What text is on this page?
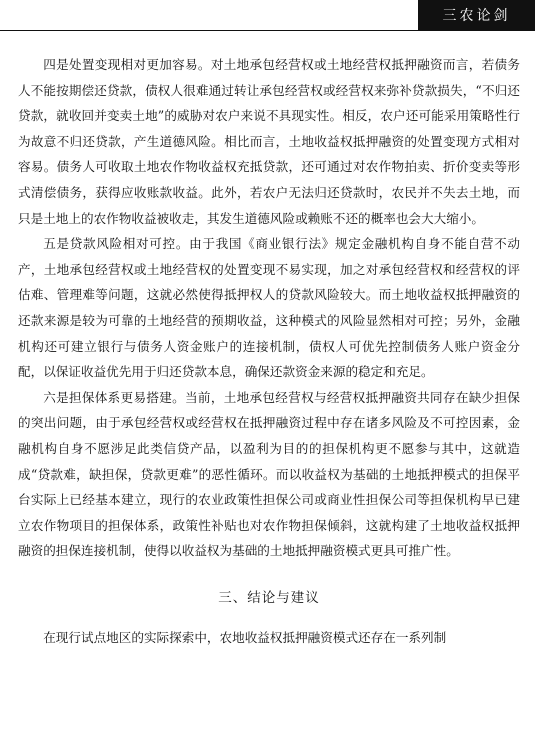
三农论剑

四是处置变现相对更加容易。对土地承包经营权或土地经营权抵押融资而言，若债务人不能按期偿还贷款，债权人很难通过转让承包经营权或经营权来弥补贷款损失，“不归还贷款，就收回并变卖土地”的威胁对农户来说不具现实性。相反，农户还可能采用策略性行为故意不归还贷款，产生道德风险。相比而言，土地收益权抵押融资的处置变现方式相对容易。债务人可收取土地农作物收益权充抵贷款，还可通过对农作物拍卖、折价变卖等形式清偿债务，获得应收账款收益。此外，若农户无法归还贷款时，农民并不失去土地，而只是土地上的农作物收益被收走，其发生道德风险或赖账不还的概率也会大大缩小。

五是贷款风险相对可控。由于我国《商业银行法》规定金融机构自身不能自营不动产，土地承包经营权或土地经营权的处置变现不易实现，加之对承包经营权和经营权的评估难、管理难等问题，这就必然使得抵押权人的贷款风险较大。而土地收益权抵押融资的还款来源是较为可靠的土地经营的预期收益，这种模式的风险显然相对可控；另外，金融机构还可建立银行与债务人资金账户的连接机制，债权人可优先控制债务人账户资金分配，以保证收益优先用于归还贷款本息，确保还款资金来源的稳定和充足。

六是担保体系更易搭建。当前，土地承包经营权与经营权抵押融资共同存在缺少担保的突出问题，由于承包经营权或经营权在抵押融资过程中存在诸多风险及不可控因素，金融机构自身不愿涉足此类信贷产品，以盈利为目的的担保机构更不愿参与其中，这就造成“贷款难，缺担保，贷款更难”的恶性循环。而以收益权为基础的土地抵押模式的担保平台实际上已经基本建立，现行的农业政策性担保公司或商业性担保公司等担保机构早已建立农作物项目的担保体系，政策性补贴也对农作物担保倾斜，这就构建了土地收益权抵押融资的担保连接机制，使得以收益权为基础的土地抵押融资模式更具可推广性。

三、结论与建议

在现行试点地区的实际探索中，农地收益权抵押融资模式还存在一系列制
